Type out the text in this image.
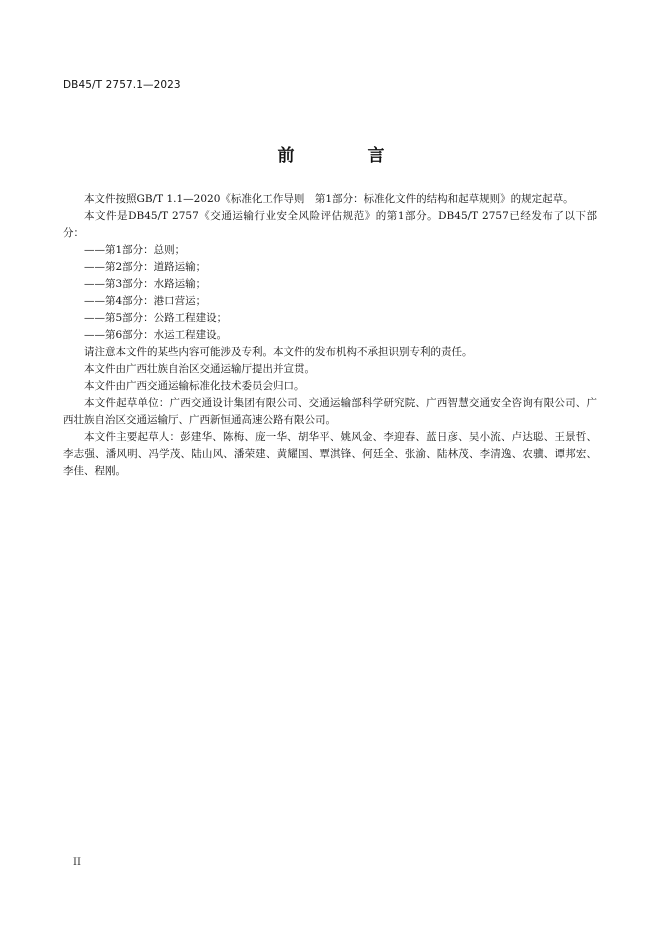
DB45/T 2757.1—2023
前　言

本文件按照GB/T 1.1—2020《标准化工作导则　第1部分：标准化文件的结构和起草规则》的规定起草。

本文件是DB45/T 2757《交通运输行业安全风险评估规范》的第1部分。DB45/T 2757已经发布了以下部分：

——第1部分：总则；

——第2部分：道路运输；

——第3部分：水路运输；

——第4部分：港口营运；

——第5部分：公路工程建设；

——第6部分：水运工程建设。

请注意本文件的某些内容可能涉及专利。本文件的发布机构不承担识别专利的责任。

本文件由广西壮族自治区交通运输厅提出并宣贯。

本文件由广西交通运输标准化技术委员会归口。

本文件起草单位：广西交通设计集团有限公司、交通运输部科学研究院、广西智慧交通安全咨询有限公司、广西壮族自治区交通运输厅、广西新恒通高速公路有限公司。

本文件主要起草人：彭建华、陈梅、庞一华、胡华平、姚风金、李迎春、蓝日彦、吴小流、卢达聪、王景哲、李志强、潘风明、冯学茂、陆山风、潘荣建、黄耀国、覃淇锋、何廷全、张渝、陆林茂、李清逸、农骥、谭邦宏、李佳、程刚。

II
